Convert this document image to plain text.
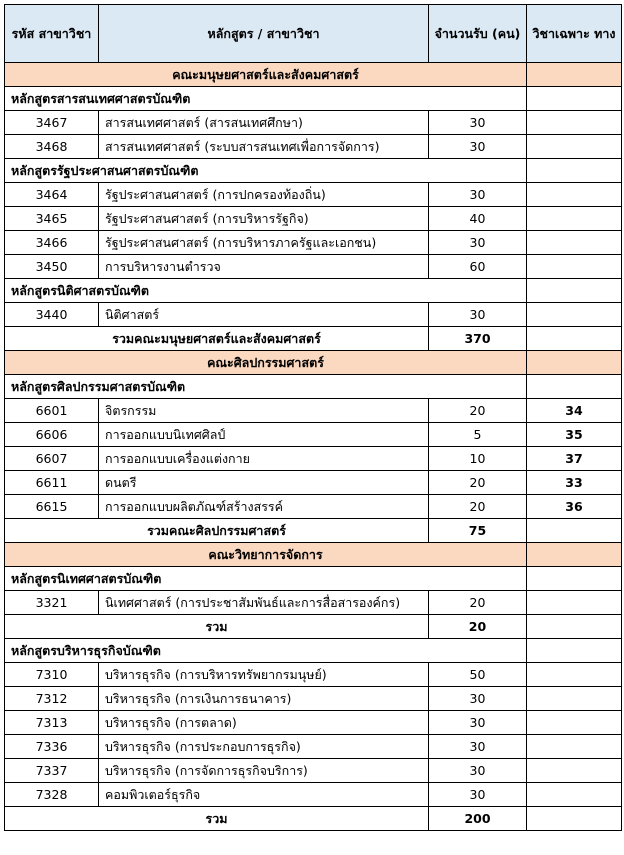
รหัส สาขาวิชา	หลักสูตร / สาขาวิชา	จำนวนรับ (คน)	วิชาเฉพาะ ทาง
คณะมนุษยศาสตร์และสังคมศาสตร์			
หลักสูตรสารสนเทศศาสตรบัณฑิต			
3467	สารสนเทศศาสตร์ (สารสนเทศศึกษา)	30	
3468	สารสนเทศศาสตร์ (ระบบสารสนเทศเพื่อการจัดการ)	30	
หลักสูตรรัฐประศาสนศาสตรบัณฑิต			
3464	รัฐประศาสนศาสตร์ (การปกครองท้องถิ่น)	30	
3465	รัฐประศาสนศาสตร์ (การบริหารรัฐกิจ)	40	
3466	รัฐประศาสนศาสตร์ (การบริหารภาครัฐและเอกชน)	30	
3450	การบริหารงานตำรวจ	60	
หลักสูตรนิติศาสตรบัณฑิต			
3440	นิติศาสตร์	30	
รวมคณะมนุษยศาสตร์และสังคมศาสตร์		370	
คณะศิลปกรรมศาสตร์			
หลักสูตรศิลปกรรมศาสตรบัณฑิต			
6601	จิตรกรรม	20	34
6606	การออกแบบนิเทศศิลป์	5	35
6607	การออกแบบเครื่องแต่งกาย	10	37
6611	ดนตรี	20	33
6615	การออกแบบผลิตภัณฑ์สร้างสรรค์	20	36
รวมคณะศิลปกรรมศาสตร์		75	
คณะวิทยาการจัดการ			
หลักสูตรนิเทศศาสตรบัณฑิต			
3321	นิเทศศาสตร์ (การประชาสัมพันธ์และการสื่อสารองค์กร)	20	
รวม		20	
หลักสูตรบริหารธุรกิจบัณฑิต			
7310	บริหารธุรกิจ (การบริหารทรัพยากรมนุษย์)	50	
7312	บริหารธุรกิจ (การเงินการธนาคาร)	30	
7313	บริหารธุรกิจ (การตลาด)	30	
7336	บริหารธุรกิจ (การประกอบการธุรกิจ)	30	
7337	บริหารธุรกิจ (การจัดการธุรกิจบริการ)	30	
7328	คอมพิวเตอร์ธุรกิจ	30	
รวม		200	
